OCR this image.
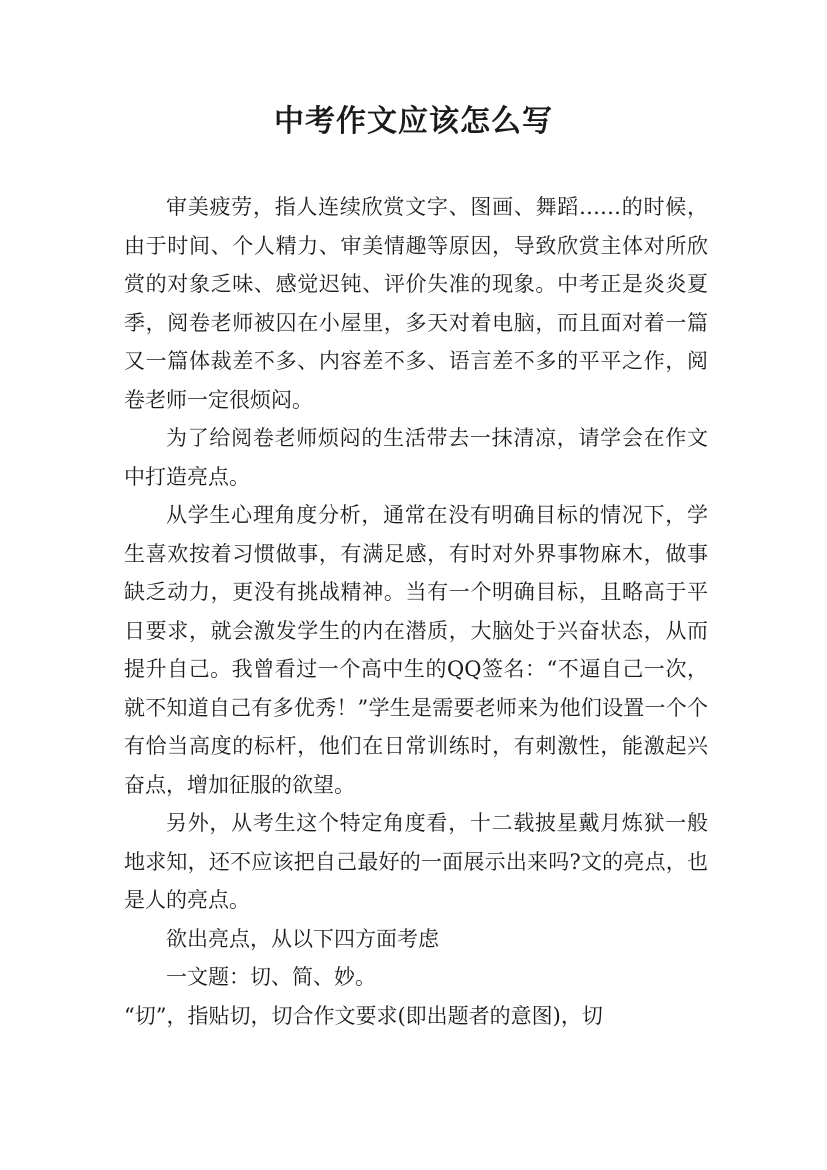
中考作文应该怎么写

审美疲劳，指人连续欣赏文字、图画、舞蹈……的时候，由于时间、个人精力、审美情趣等原因，导致欣赏主体对所欣赏的对象乏味、感觉迟钝、评价失准的现象。中考正是炎炎夏季，阅卷老师被囚在小屋里，多天对着电脑，而且面对着一篇又一篇体裁差不多、内容差不多、语言差不多的平平之作，阅卷老师一定很烦闷。

为了给阅卷老师烦闷的生活带去一抹清凉，请学会在作文中打造亮点。

从学生心理角度分析，通常在没有明确目标的情况下，学生喜欢按着习惯做事，有满足感，有时对外界事物麻木，做事缺乏动力，更没有挑战精神。当有一个明确目标，且略高于平日要求，就会激发学生的内在潜质，大脑处于兴奋状态，从而提升自己。我曾看过一个高中生的QQ签名：“不逼自己一次，就不知道自己有多优秀！”学生是需要老师来为他们设置一个个有恰当高度的标杆，他们在日常训练时，有刺激性，能激起兴奋点，增加征服的欲望。

另外，从考生这个特定角度看，十二载披星戴月炼狱一般地求知，还不应该把自己最好的一面展示出来吗?文的亮点，也是人的亮点。

欲出亮点，从以下四方面考虑

一文题：切、简、妙。

“切”，指贴切，切合作文要求(即出题者的意图)，切
